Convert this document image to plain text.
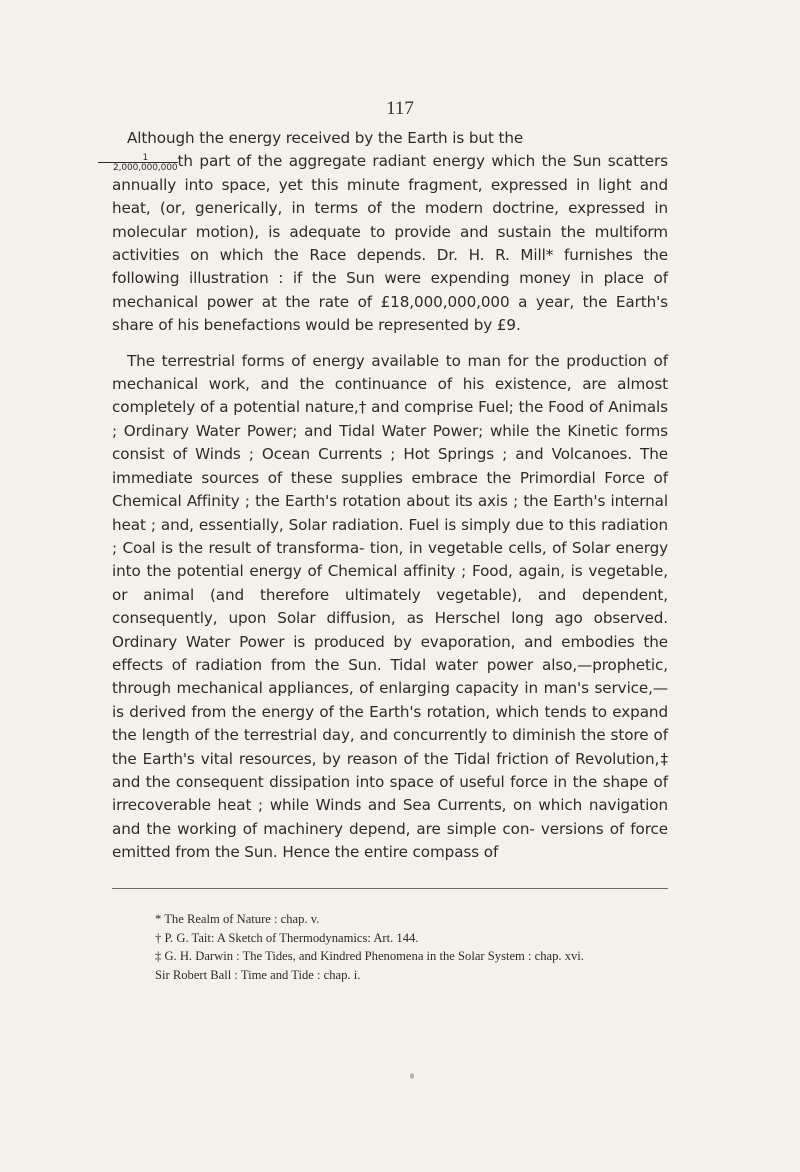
117

Although the energy received by the Earth is but the

$\frac{1}{2,000,000,000}$ th part of the aggregate radiant energy which the Sun scatters annually into space, yet this minute fragment, expressed in light and heat, (or, generically, in terms of the modern doctrine, expressed in molecular motion), is adequate to provide and sustain the multiform activities on which the Race depends. Dr. H. R. Mill* furnishes the following illustration : if the Sun were expending money in place of mechanical power at the rate of £18,000,000,000 a year, the Earth's share of his benefactions would be represented by £9.

The terrestrial forms of energy available to man for the production of mechanical work, and the continuance of his existence, are almost completely of a potential nature,† and comprise Fuel; the Food of Animals ; Ordinary Water Power; and Tidal Water Power; while the Kinetic forms consist of Winds ; Ocean Currents ; Hot Springs ; and Volcanoes. The immediate sources of these supplies embrace the Primordial Force of Chemical Affinity ; the Earth's rotation about its axis ; the Earth's internal heat ; and, essentially, Solar radiation. Fuel is simply due to this radiation ; Coal is the result of transforma- tion, in vegetable cells, of Solar energy into the potential energy of Chemical affinity ; Food, again, is vegetable, or animal (and therefore ultimately vegetable), and dependent, consequently, upon Solar diffusion, as Herschel long ago observed. Ordinary Water Power is produced by evaporation, and embodies the effects of radiation from the Sun. Tidal water power also,—prophetic, through mechanical appliances, of enlarging capacity in man's service,—is derived from the energy of the Earth's rotation, which tends to expand the length of the terrestrial day, and concurrently to diminish the store of the Earth's vital resources, by reason of the Tidal friction of Revolution,‡ and the consequent dissipation into space of useful force in the shape of irrecoverable heat ; while Winds and Sea Currents, on which navigation and the working of machinery depend, are simple con- versions of force emitted from the Sun. Hence the entire compass of

* The Realm of Nature : chap. v.
† P. G. Tait: A Sketch of Thermodynamics: Art. 144.
‡ G. H. Darwin : The Tides, and Kindred Phenomena in the Solar System : chap. xvi.
Sir Robert Ball : Time and Tide : chap. i.
